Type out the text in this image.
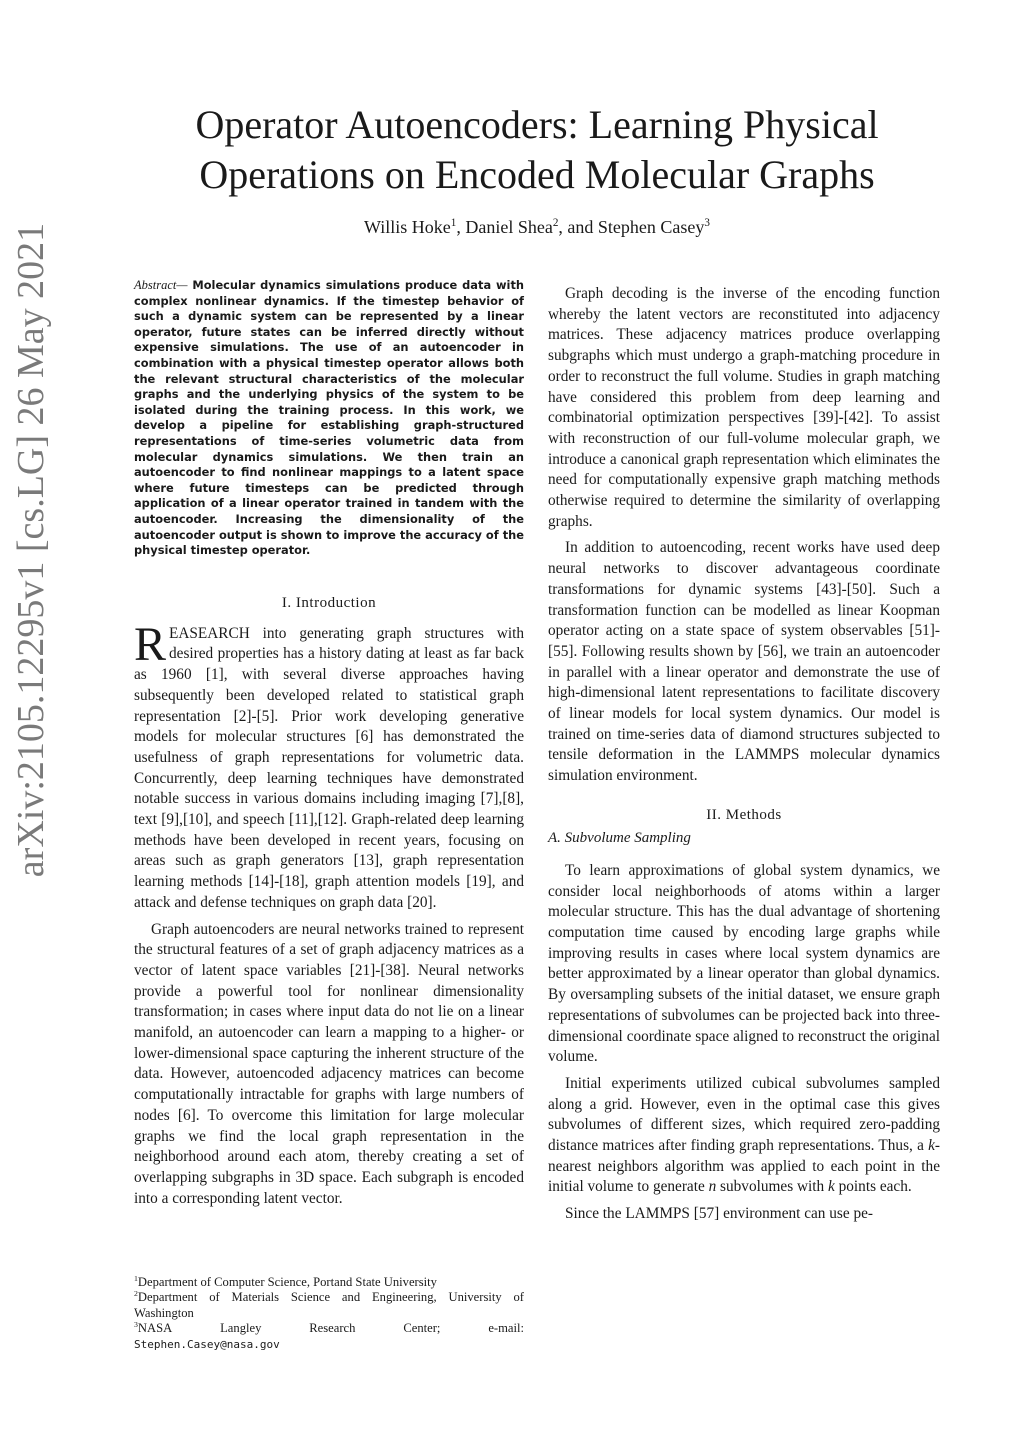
arXiv:2105.12295v1 [cs.LG] 26 May 2021
Operator Autoencoders: Learning Physical
Operations on Encoded Molecular Graphs
Willis Hoke$^1$, Daniel Shea$^2$, and Stephen Casey$^3$

Abstract— Molecular dynamics simulations produce data with complex nonlinear dynamics. If the timestep behavior of such a dynamic system can be represented by a linear operator, future states can be inferred directly without expensive simulations. The use of an autoencoder in combination with a physical timestep operator allows both the relevant structural characteristics of the molecular graphs and the underlying physics of the system to be isolated during the training process. In this work, we develop a pipeline for establishing graph-structured representations of time-series volumetric data from molecular dynamics simulations. We then train an autoencoder to find nonlinear mappings to a latent space where future timesteps can be predicted through application of a linear operator trained in tandem with the autoencoder. Increasing the dimensionality of the autoencoder output is shown to improve the accuracy of the physical timestep operator.

I. Introduction

REASEARCH into generating graph structures with desired properties has a history dating at least as far back as 1960 [1], with several diverse approaches having subsequently been developed related to statistical graph representation [2]-[5]. Prior work developing generative models for molecular structures [6] has demonstrated the usefulness of graph representations for volumetric data. Concurrently, deep learning techniques have demonstrated notable success in various domains including imaging [7],[8], text [9],[10], and speech [11],[12]. Graph-related deep learning methods have been developed in recent years, focusing on areas such as graph generators [13], graph representation learning methods [14]-[18], graph attention models [19], and attack and defense techniques on graph data [20].

Graph autoencoders are neural networks trained to represent the structural features of a set of graph adjacency matrices as a vector of latent space variables [21]-[38]. Neural networks provide a powerful tool for nonlinear dimensionality transformation; in cases where input data do not lie on a linear manifold, an autoencoder can learn a mapping to a higher- or lower-dimensional space capturing the inherent structure of the data. However, autoencoded adjacency matrices can become computationally intractable for graphs with large numbers of nodes [6]. To overcome this limitation for large molecular graphs we find the local graph representation in the neighborhood around each atom, thereby creating a set of overlapping subgraphs in 3D space. Each subgraph is encoded into a corresponding latent vector.

Graph decoding is the inverse of the encoding function whereby the latent vectors are reconstituted into adjacency matrices. These adjacency matrices produce overlapping subgraphs which must undergo a graph-matching procedure in order to reconstruct the full volume. Studies in graph matching have considered this problem from deep learning and combinatorial optimization perspectives [39]-[42]. To assist with reconstruction of our full-volume molecular graph, we introduce a canonical graph representation which eliminates the need for computationally expensive graph matching methods otherwise required to determine the similarity of overlapping graphs.

In addition to autoencoding, recent works have used deep neural networks to discover advantageous coordinate transformations for dynamic systems [43]-[50]. Such a transformation function can be modelled as linear Koopman operator acting on a state space of system observables [51]-[55]. Following results shown by [56], we train an autoencoder in parallel with a linear operator and demonstrate the use of high-dimensional latent representations to facilitate discovery of linear models for local system dynamics. Our model is trained on time-series data of diamond structures subjected to tensile deformation in the LAMMPS molecular dynamics simulation environment.

II. Methods
A. Subvolume Sampling

To learn approximations of global system dynamics, we consider local neighborhoods of atoms within a larger molecular structure. This has the dual advantage of shortening computation time caused by encoding large graphs while improving results in cases where local system dynamics are better approximated by a linear operator than global dynamics. By oversampling subsets of the initial dataset, we ensure graph representations of subvolumes can be projected back into three-dimensional coordinate space aligned to reconstruct the original volume.

Initial experiments utilized cubical subvolumes sampled along a grid. However, even in the optimal case this gives subvolumes of different sizes, which required zero-padding distance matrices after finding graph representations. Thus, a k-nearest neighbors algorithm was applied to each point in the initial volume to generate n subvolumes with k points each.

Since the LAMMPS [57] environment can use pe-

$^1$Department of Computer Science, Portand State University

$^2$Department of Materials Science and Engineering, University of Washington

$^3$NASA	Langley	Research	Center;	e-mail:

Stephen.Casey@nasa.gov
